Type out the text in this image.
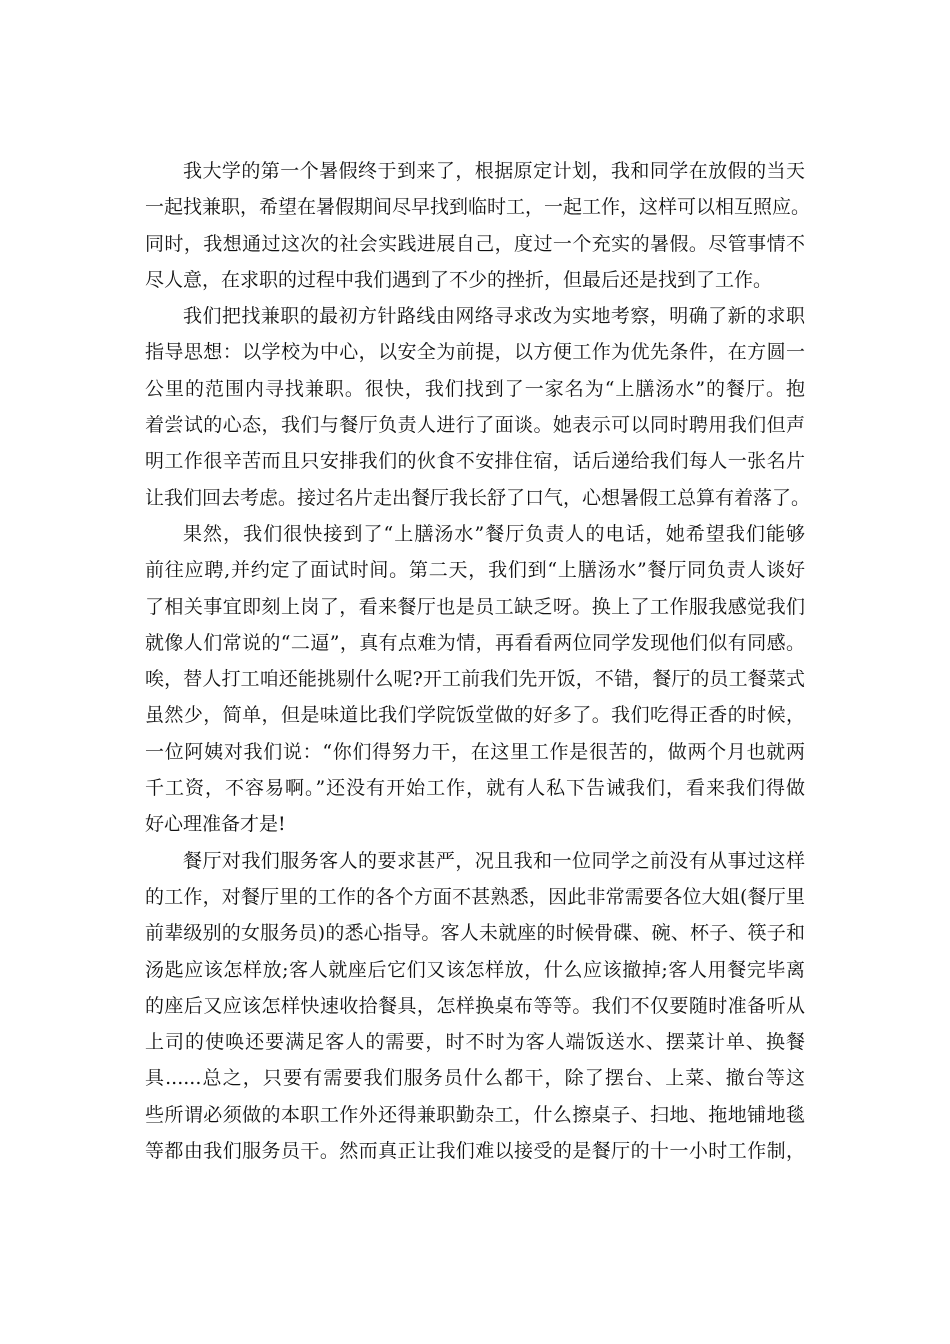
我大学的第一个暑假终于到来了，根据原定计划，我和同学在放假的当天
一起找兼职，希望在暑假期间尽早找到临时工，一起工作，这样可以相互照应。
同时，我想通过这次的社会实践进展自己，度过一个充实的暑假。尽管事情不
尽人意，在求职的过程中我们遇到了不少的挫折，但最后还是找到了工作。
我们把找兼职的最初方针路线由网络寻求改为实地考察，明确了新的求职
指导思想：以学校为中心，以安全为前提，以方便工作为优先条件，在方圆一
公里的范围内寻找兼职。很快，我们找到了一家名为“上膳汤水”的餐厅。抱
着尝试的心态，我们与餐厅负责人进行了面谈。她表示可以同时聘用我们但声
明工作很辛苦而且只安排我们的伙食不安排住宿，话后递给我们每人一张名片
让我们回去考虑。接过名片走出餐厅我长舒了口气，心想暑假工总算有着落了。
果然，我们很快接到了“上膳汤水”餐厅负责人的电话，她希望我们能够
前往应聘,并约定了面试时间。第二天，我们到“上膳汤水”餐厅同负责人谈好
了相关事宜即刻上岗了，看来餐厅也是员工缺乏呀。换上了工作服我感觉我们
就像人们常说的“二逼”，真有点难为情，再看看两位同学发现他们似有同感。
唉，替人打工咱还能挑剔什么呢?开工前我们先开饭，不错，餐厅的员工餐菜式
虽然少，简单，但是味道比我们学院饭堂做的好多了。我们吃得正香的时候，
一位阿姨对我们说：“你们得努力干，在这里工作是很苦的，做两个月也就两
千工资，不容易啊。”还没有开始工作，就有人私下告诫我们，看来我们得做
好心理准备才是!
餐厅对我们服务客人的要求甚严，况且我和一位同学之前没有从事过这样
的工作，对餐厅里的工作的各个方面不甚熟悉，因此非常需要各位大姐(餐厅里
前辈级别的女服务员)的悉心指导。客人未就座的时候骨碟、碗、杯子、筷子和
汤匙应该怎样放;客人就座后它们又该怎样放，什么应该撤掉;客人用餐完毕离
的座后又应该怎样快速收拾餐具，怎样换桌布等等。我们不仅要随时准备听从
上司的使唤还要满足客人的需要，时不时为客人端饭送水、摆菜计单、换餐
具......总之，只要有需要我们服务员什么都干，除了摆台、上菜、撤台等这
些所谓必须做的本职工作外还得兼职勤杂工，什么擦桌子、扫地、拖地铺地毯
等都由我们服务员干。然而真正让我们难以接受的是餐厅的十一小时工作制，
